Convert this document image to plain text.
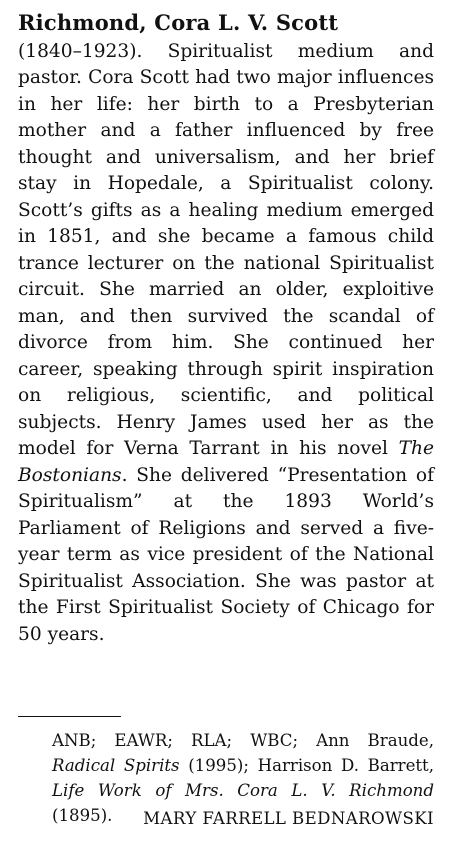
Richmond, Cora L. V. Scott
(1840–1923). Spiritualist medium and pastor. Cora Scott had two major influences in her life: her birth to a Presbyterian mother and a father influenced by free thought and universalism, and her brief stay in Hopedale, a Spiritualist colony. Scott’s gifts as a healing medium emerged in 1851, and she became a famous child trance lecturer on the national Spiritualist circuit. She married an older, exploitive man, and then survived the scandal of divorce from him. She continued her career, speaking through spirit inspiration on religious, scientific, and political subjects. Henry James used her as the model for Verna Tarrant in his novel The Bostonians. She delivered “Presentation of Spiritualism” at the 1893 World’s Parliament of Religions and served a five-year term as vice president of the National Spiritualist Association. She was pastor at the First Spiritualist Society of Chicago for 50 years.
ANB; EAWR; RLA; WBC; Ann Braude, Radical Spirits (1995); Harrison D. Barrett, Life Work of Mrs. Cora L. V. Richmond (1895).	MARY FARRELL BEDNAROWSKI
